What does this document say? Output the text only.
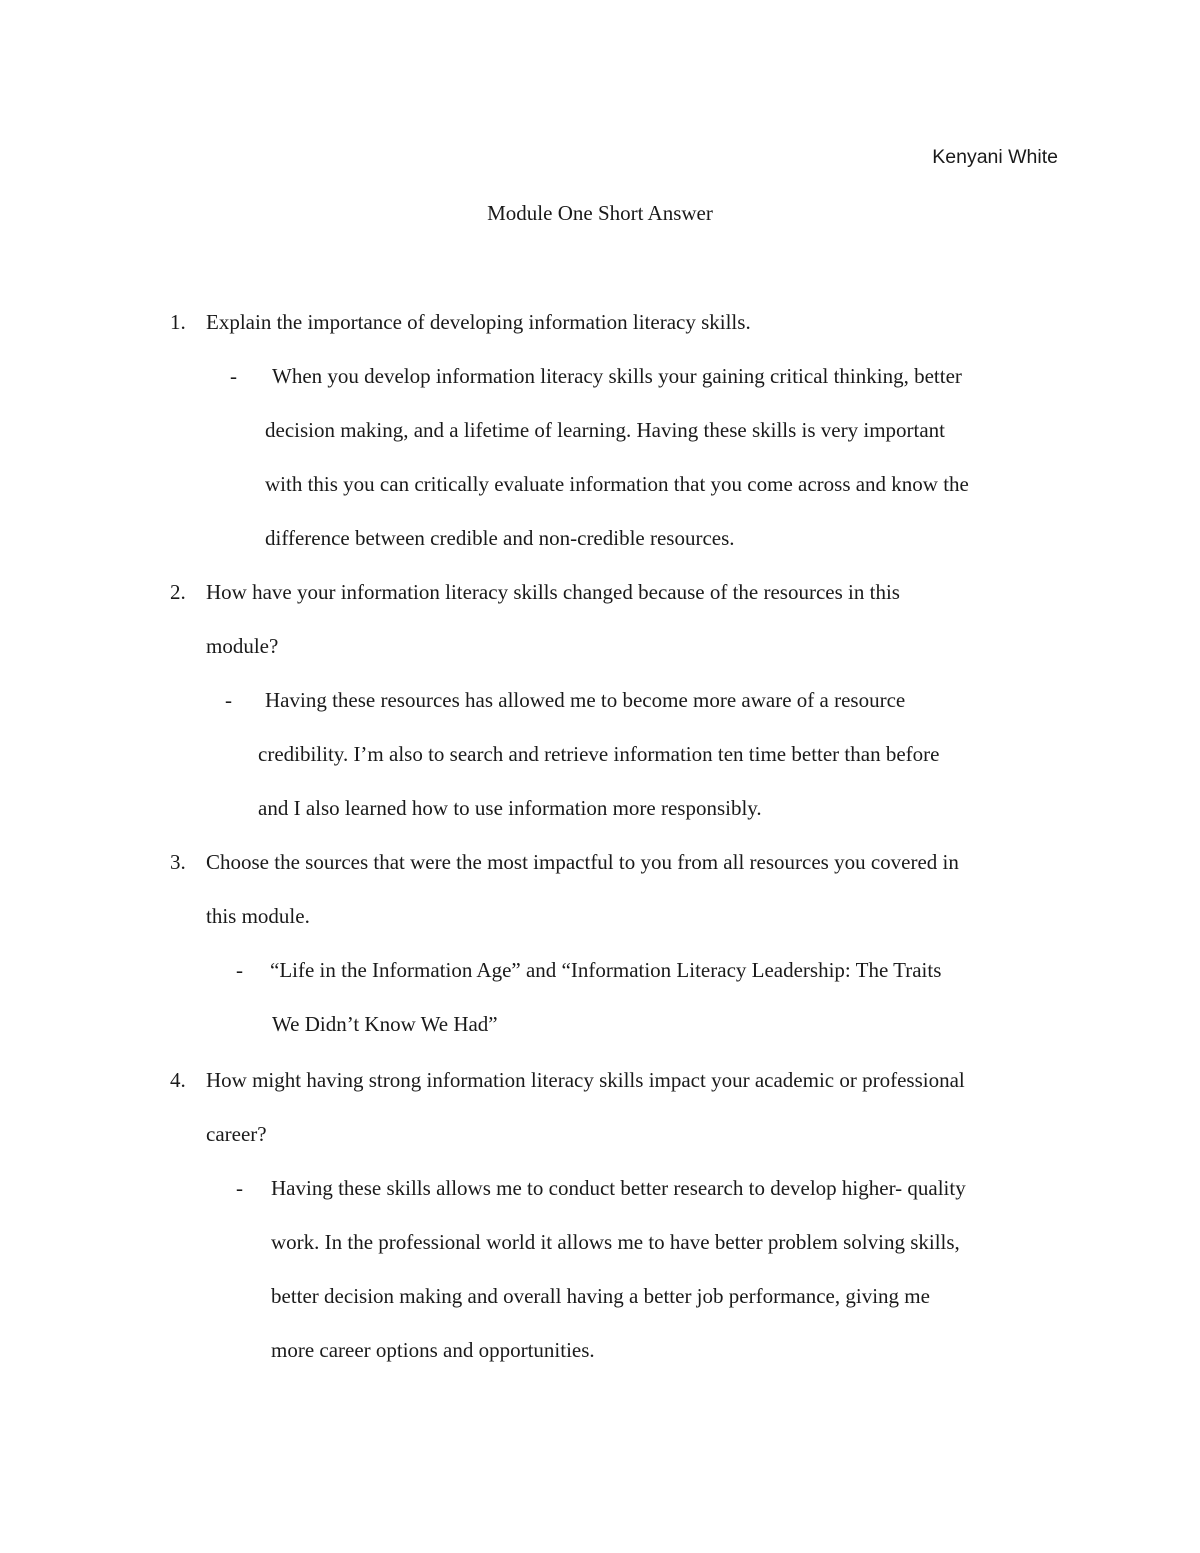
Kenyani White
Module One Short Answer
1. Explain the importance of developing information literacy skills.
- When you develop information literacy skills your gaining critical thinking, better
decision making, and a lifetime of learning. Having these skills is very important
with this you can critically evaluate information that you come across and know the
difference between credible and non-credible resources.
2. How have your information literacy skills changed because of the resources in this
module?
- Having these resources has allowed me to become more aware of a resource
credibility. I’m also to search and retrieve information ten time better than before
and I also learned how to use information more responsibly.
3. Choose the sources that were the most impactful to you from all resources you covered in
this module.
- “Life in the Information Age” and “Information Literacy Leadership: The Traits
We Didn’t Know We Had”
4. How might having strong information literacy skills impact your academic or professional
career?
- Having these skills allows me to conduct better research to develop higher- quality
work. In the professional world it allows me to have better problem solving skills,
better decision making and overall having a better job performance, giving me
more career options and opportunities.
